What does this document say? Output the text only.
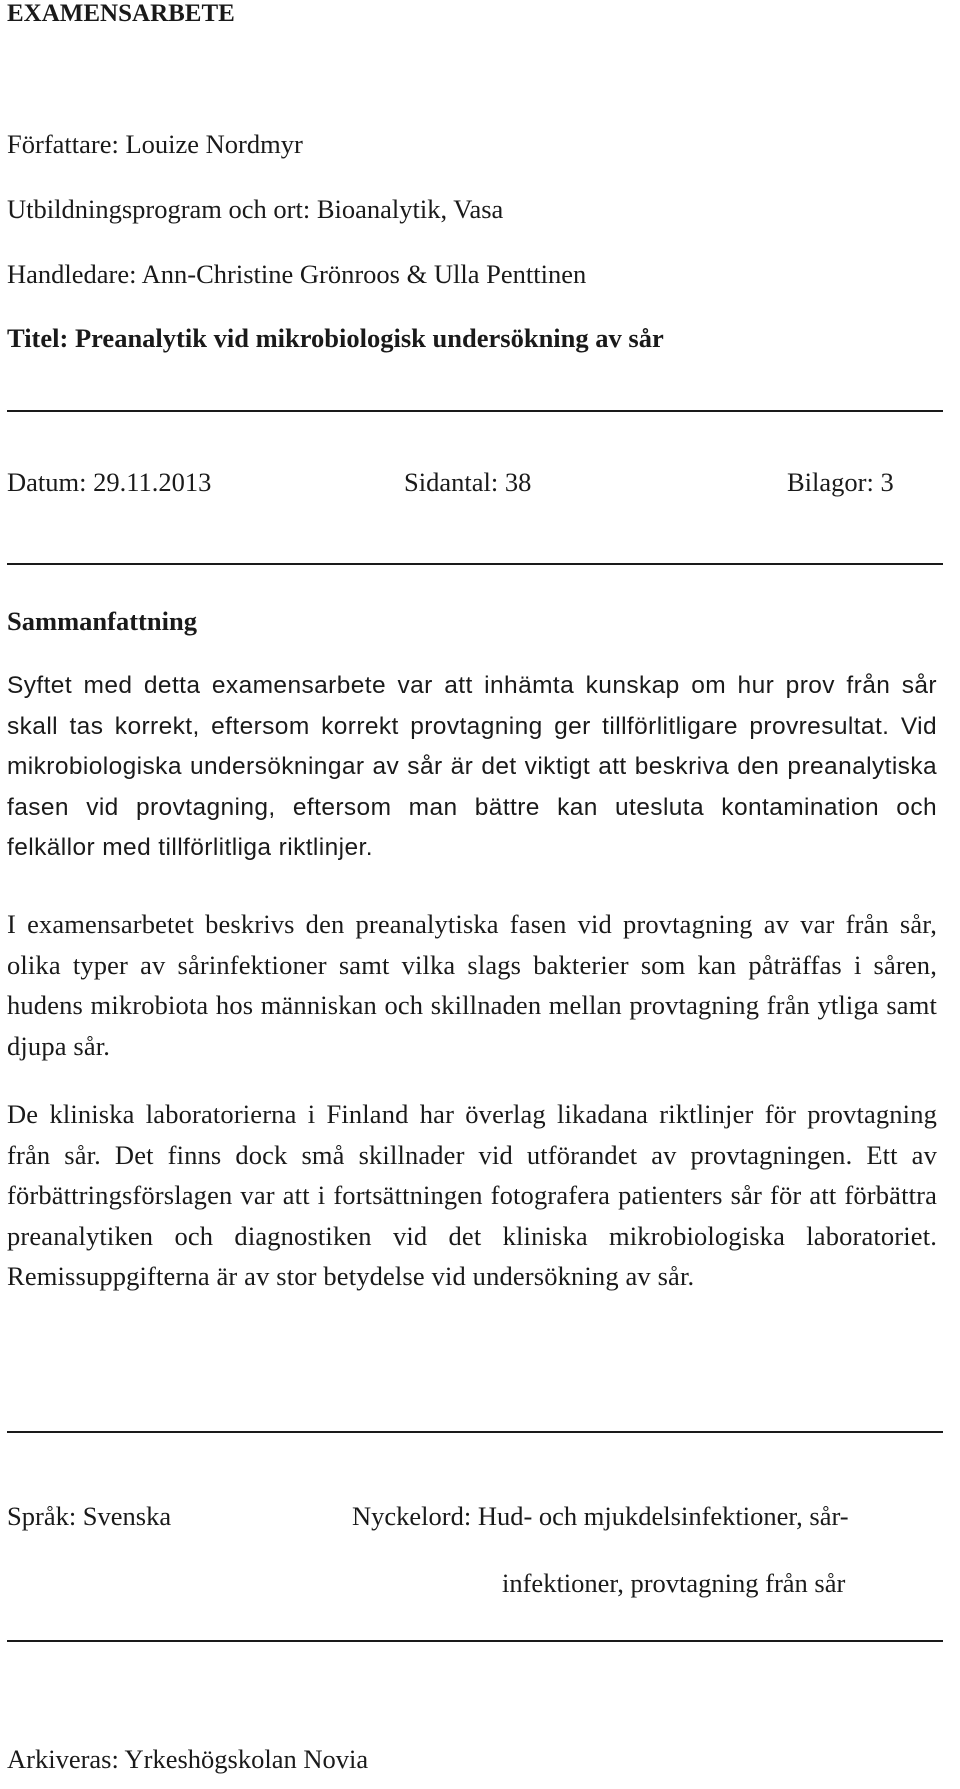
EXAMENSARBETE
Författare: Louize Nordmyr
Utbildningsprogram och ort: Bioanalytik, Vasa
Handledare: Ann-Christine Grönroos & Ulla Penttinen
Titel: Preanalytik vid mikrobiologisk undersökning av sår
Datum: 29.11.2013	Sidantal: 38	Bilagor: 3
Sammanfattning

Syftet med detta examensarbete var att inhämta kunskap om hur prov från sår skall tas korrekt, eftersom korrekt provtagning ger tillförlitligare provresultat. Vid mikrobiologiska undersökningar av sår är det viktigt att beskriva den preanalytiska fasen vid provtagning, eftersom man bättre kan utesluta kontamination och felkällor med tillförlitliga riktlinjer.

I examensarbetet beskrivs den preanalytiska fasen vid provtagning av var från sår, olika typer av sårinfektioner samt vilka slags bakterier som kan påträffas i såren, hudens mikrobiota hos människan och skillnaden mellan provtagning från ytliga samt djupa sår.

De kliniska laboratorierna i Finland har överlag likadana riktlinjer för provtagning från sår. Det finns dock små skillnader vid utförandet av provtagningen. Ett av förbättringsförslagen var att i fortsättningen fotografera patienters sår för att förbättra preanalytiken och diagnostiken vid det kliniska mikrobiologiska laboratoriet. Remissuppgifterna är av stor betydelse vid undersökning av sår.

Språk: Svenska	Nyckelord: Hud- och mjukdelsinfektioner, sår-
infektioner, provtagning från sår
Arkiveras: Yrkeshögskolan Novia
